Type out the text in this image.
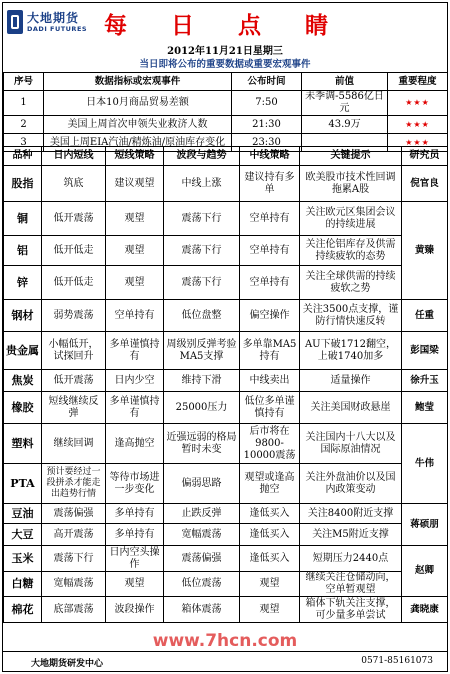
大地期货
DADI FUTURES 每 日 点 睛
2012年11月21日星期三
当日即将公布的重要数据或重要宏观事件
序号	数据指标或宏观事件	公布时间	前值	重要程度
1	日本10月商品贸易差额	7:50	未季调-5586亿日元	★★★
2	美国上周首次申领失业救济人数	21:30	43.9万	★★★
3	美国上周EIA汽油/精炼油/原油库存变化	23:30		★★★
品种	日内短线	短线策略	波段与趋势	中线策略	关键提示	研究员
股指	筑底	建议观望	中线上涨	建议持有多单	欧美股市技术性回调拖累A股	倪官良
铜	低开震荡	观望	震荡下行	空单持有	关注欧元区集团会议的持续进展	黄臻
铝	低开低走	观望	震荡下行	空单持有	关注伦铝库存及供需持续疲软的态势	
锌	低开低走	观望	震荡下行	空单持有	关注全球供需的持续疲软之势	
钢材	弱势震荡	空单持有	低位盘整	偏空操作	关注3500点支撑，谨防行情快速反转	任重
贵金属	小幅低开，试探回升	多单谨慎持有	周级别反弹考验MA5支撑	多单靠MA5持有	AU下破1712翻空，上破1740加多	彭国梁
焦炭	低开震荡	日内少空	维持下滑	中线卖出	适量操作	徐升玉
橡胶	短线继续反弹	多单谨慎持有	25000压力	低位多单谨慎持有	关注美国财政悬崖	鲍莹
塑料	继续回调	逢高抛空	近强远弱的格局暂时未变	后市将在9800-10000震荡	关注国内十八大以及国际原油情况	牛伟
PTA	预计要经过一段拼杀才能走出趋势行情	等待市场进一步变化	偏弱思路	观望或逢高抛空	关注外盘油价以及国内政策变动	
豆油	震荡偏强	多单持有	止跌反弹	逢低买入	关注8400附近支撑	蒋硕朋
大豆	高开震荡	多单持有	宽幅震荡	逢低买入	关注M5附近支撑	
玉米	震荡下行	日内空头操作	震荡偏强	逢低买入	短期压力2440点	赵卿
白糖	宽幅震荡	观望	低位震荡	观望	继续关注仓储动向，空单暂观望	
棉花	底部震荡	波段操作	箱体震荡	观望	箱体下轨关注支撑，可少量多单尝试	龚晓康
www.7hcn.com
大地期货研发中心	0571-85161073
